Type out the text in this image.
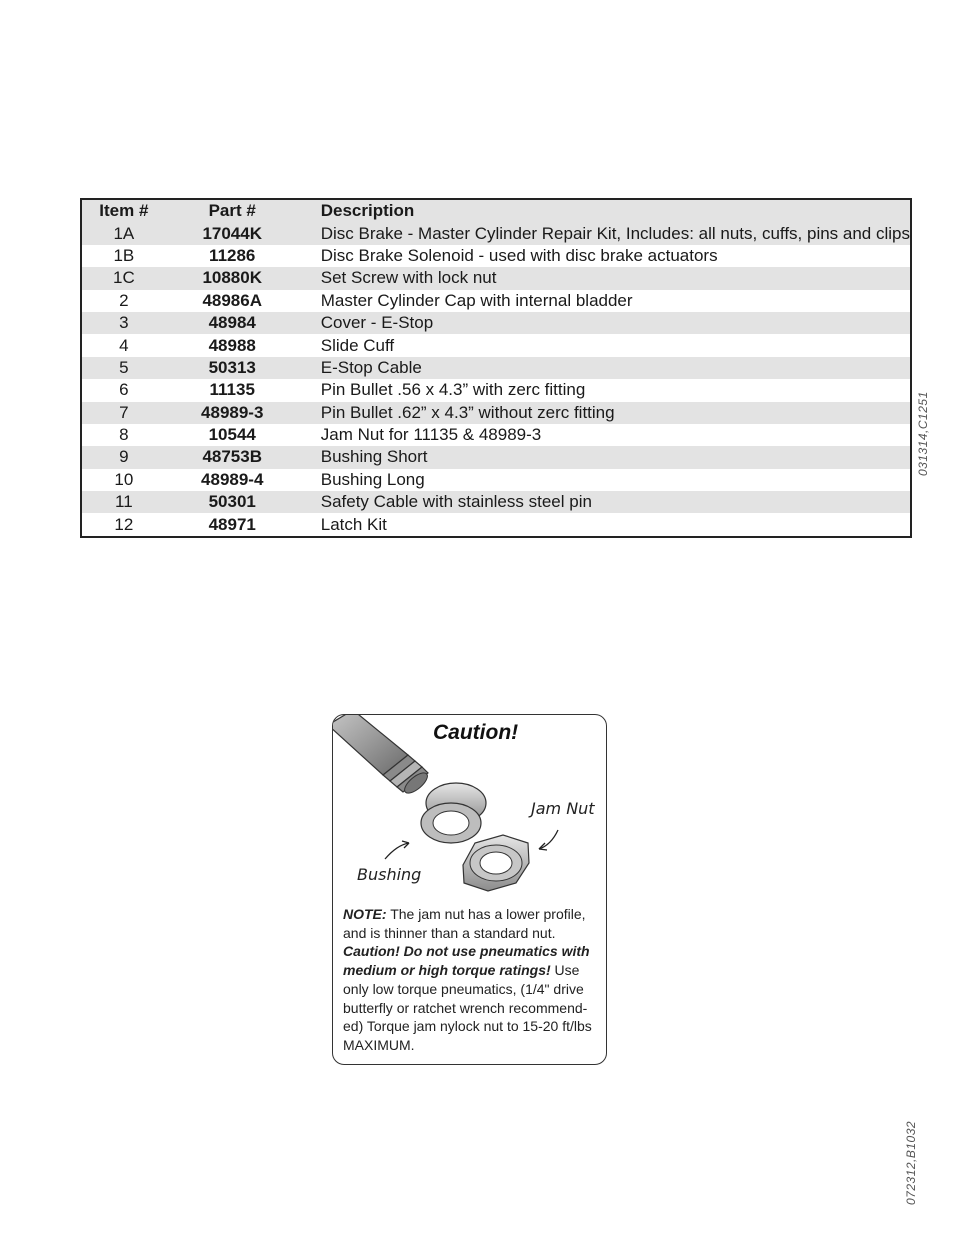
Item #	Part #	Description
1A	17044K	Disc Brake - Master Cylinder Repair Kit, Includes: all nuts, cuffs, pins and clips
1B	11286	Disc Brake Solenoid - used with disc brake actuators
1C	10880K	Set Screw with lock nut
2	48986A	Master Cylinder Cap with internal bladder
3	48984	Cover - E-Stop
4	48988	Slide Cuff
5	50313	E-Stop Cable
6	11135	Pin Bullet .56 x 4.3” with zerc fitting
7	48989-3	Pin Bullet .62” x 4.3” without zerc fitting
8	10544	Jam Nut for 11135 & 48989-3
9	48753B	Bushing Short
10	48989-4	Bushing Long
11	50301	Safety Cable with stainless steel pin
12	48971	Latch Kit
031314,C1251
072312,B1032
Caution!
Jam Nut
Bushing
NOTE: The jam nut has a lower profile, and is thinner than a standard nut. Caution! Do not use pneumatics with medium or high torque ratings! Use only low torque pneumatics, (1/4" drive butterfly or ratchet wrench recommend-ed) Torque jam nylock nut to 15-20 ft/lbs MAXIMUM.
